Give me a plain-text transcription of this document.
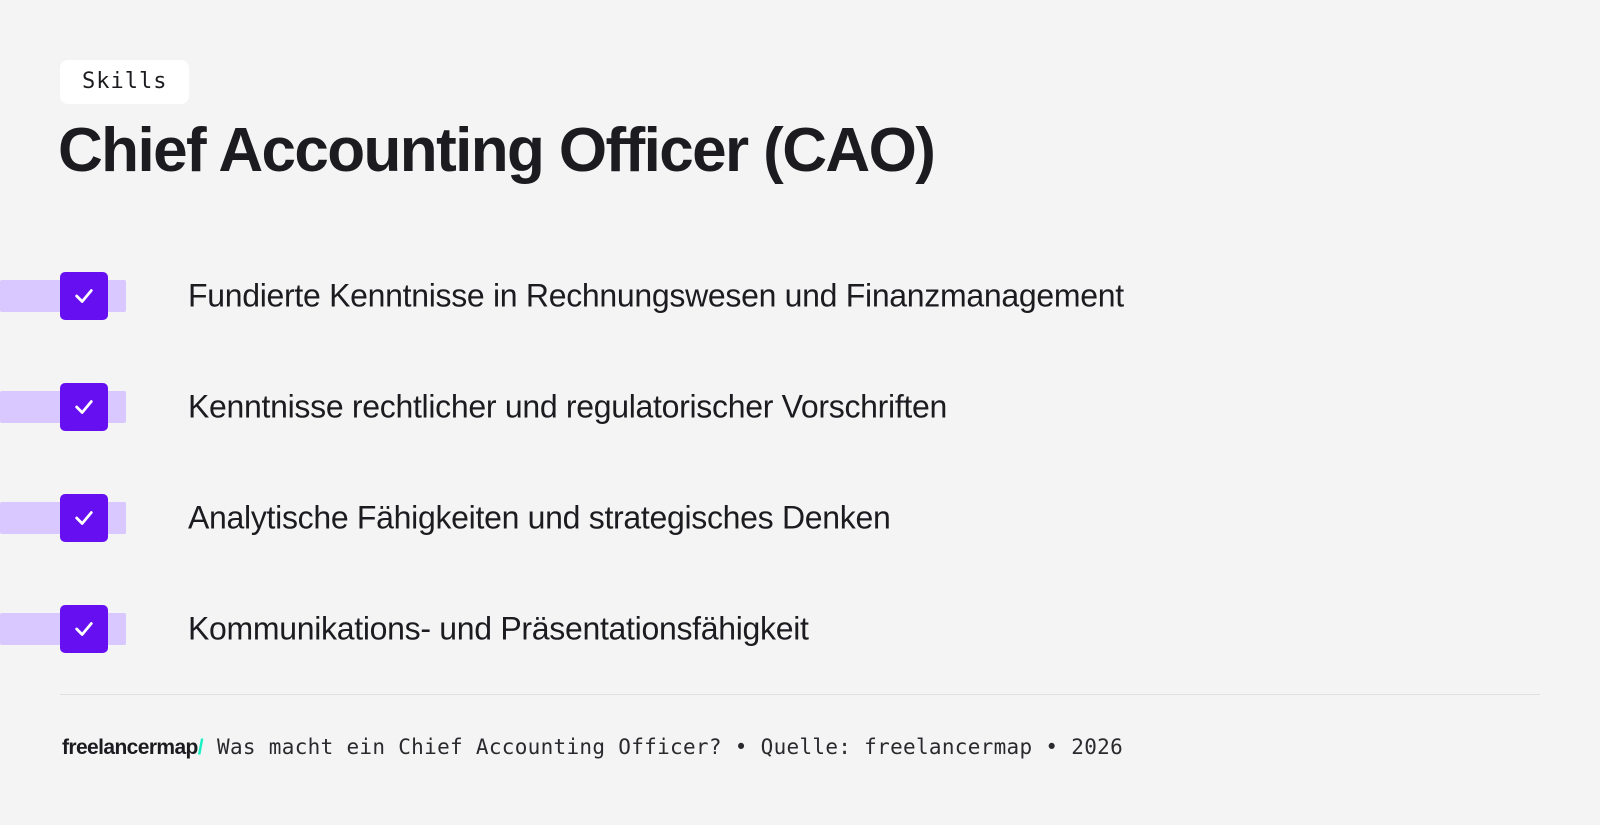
Skills
Chief Accounting Officer (CAO)
Fundierte Kenntnisse in Rechnungswesen und Finanzmanagement
Kenntnisse rechtlicher und regulatorischer Vorschriften
Analytische Fähigkeiten und strategisches Denken
Kommunikations- und Präsentationsfähigkeit
freelancermap/ Was macht ein Chief Accounting Officer? • Quelle: freelancermap • 2026
